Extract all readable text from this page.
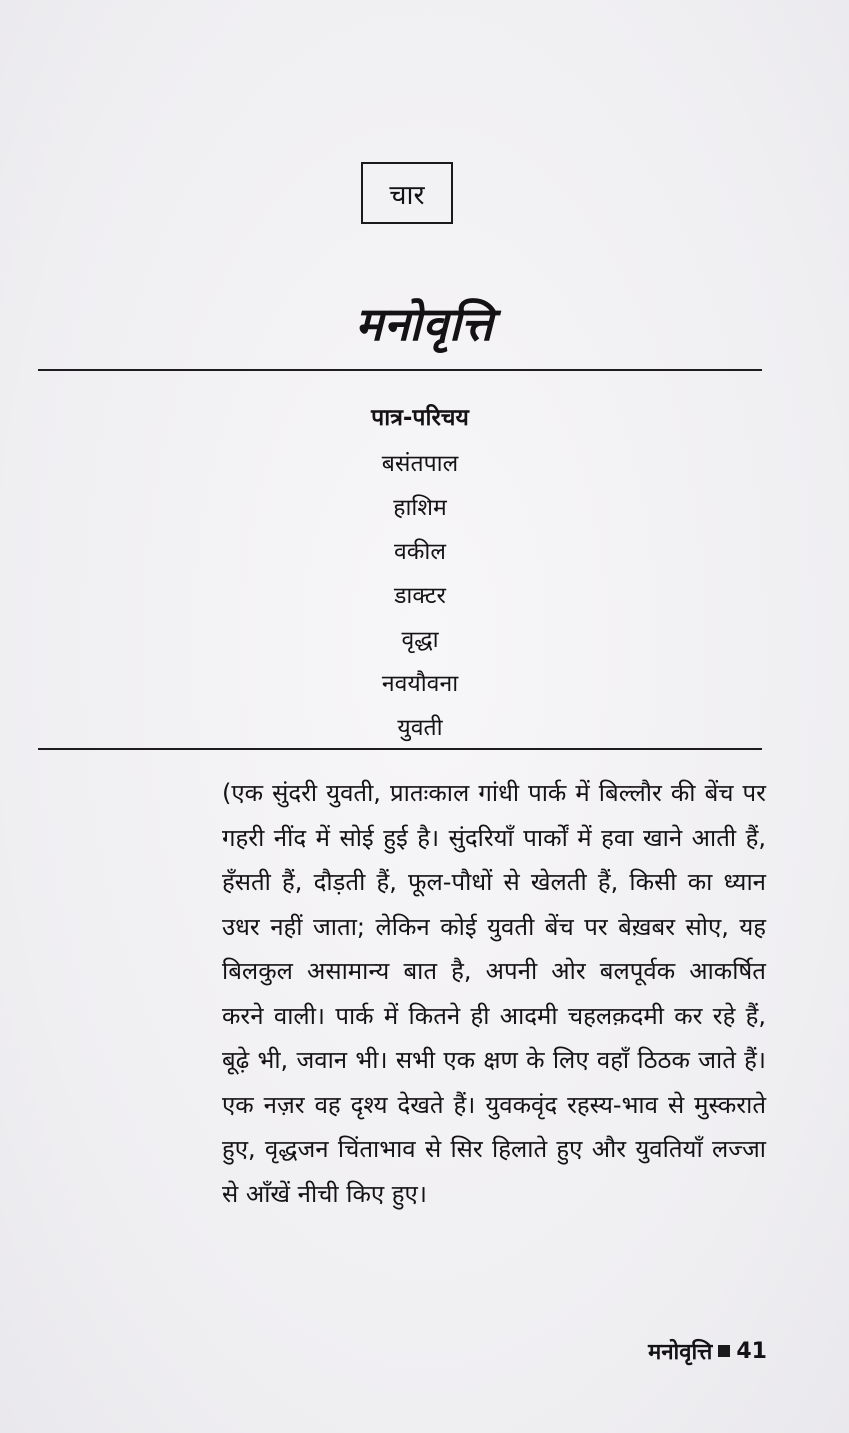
चार
मनोवृत्ति
पात्र-परिचय
बसंतपाल
हाशिम
वकील
डाक्टर
वृद्धा
नवयौवना
युवती

(एक सुंदरी युवती, प्रातःकाल गांधी पार्क में बिल्लौर की बेंच पर गहरी नींद में सोई हुई है। सुंदरियाँ पार्कों में हवा खाने आती हैं, हँसती हैं, दौड़ती हैं, फूल-पौधों से खेलती हैं, किसी का ध्यान उधर नहीं जाता; लेकिन कोई युवती बेंच पर बेख़बर सोए, यह बिलकुल असामान्य बात है, अपनी ओर बलपूर्वक आकर्षित करने वाली। पार्क में कितने ही आदमी चहलक़दमी कर रहे हैं, बूढ़े भी, जवान भी। सभी एक क्षण के लिए वहाँ ठिठक जाते हैं। एक नज़र वह दृश्य देखते हैं। युवकवृंद रहस्य-भाव से मुस्कराते हुए, वृद्धजन चिंताभाव से सिर हिलाते हुए और युवतियाँ लज्जा से आँखें नीची किए हुए।

मनोवृत्ति 41
